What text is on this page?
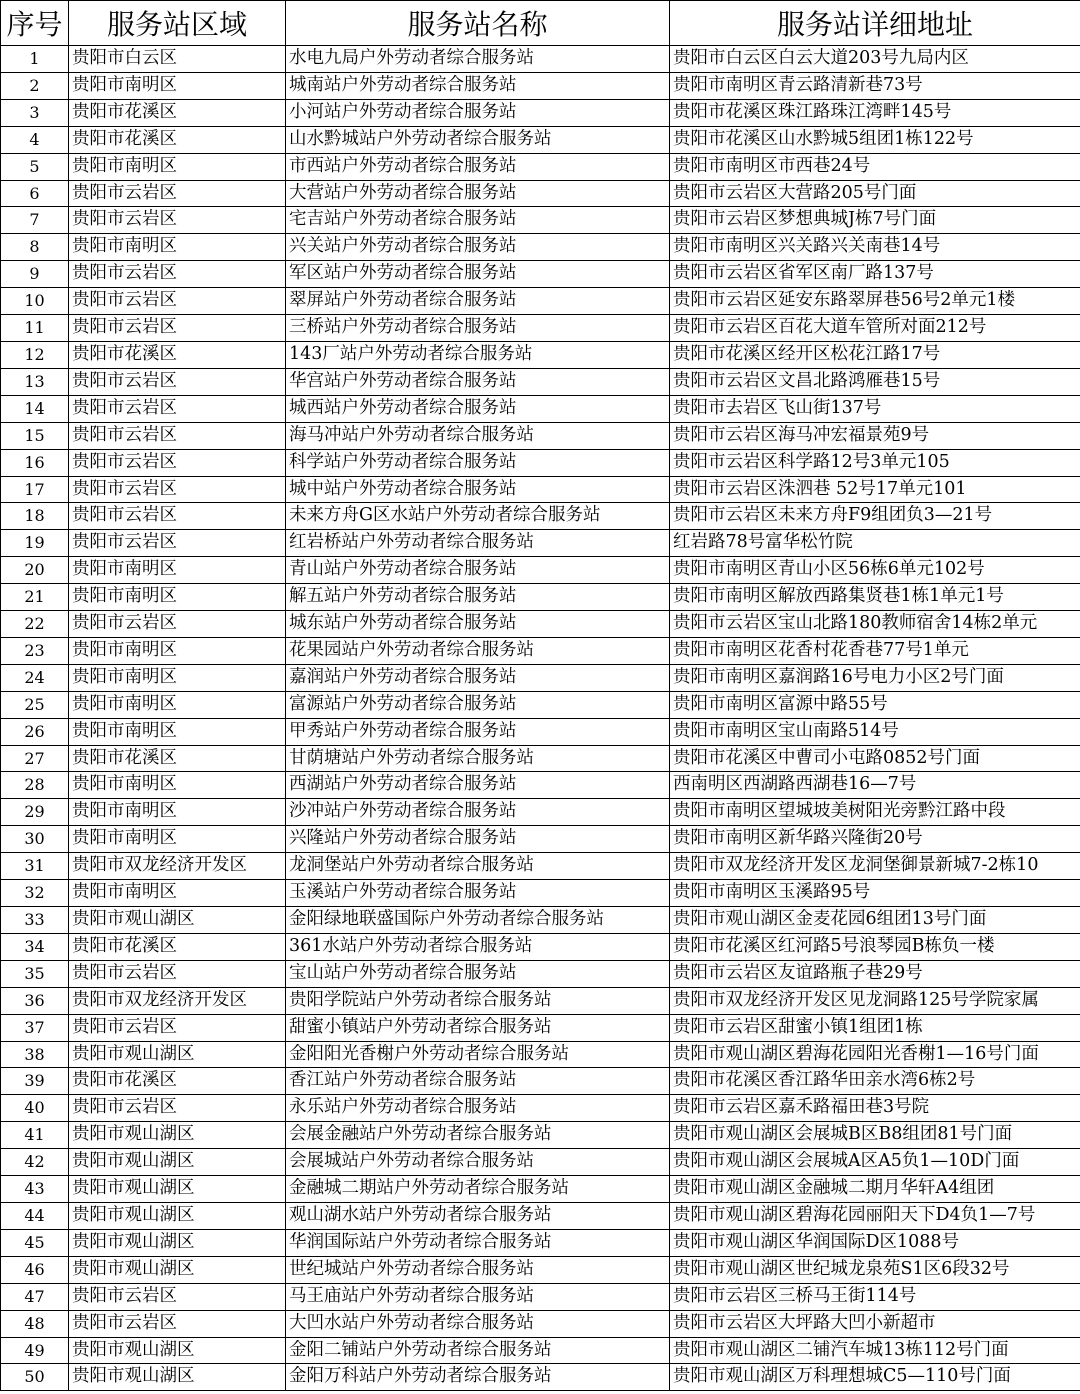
序号	服务站区域	服务站名称	服务站详细地址
1	贵阳市白云区	水电九局户外劳动者综合服务站	贵阳市白云区白云大道203号九局内区
2	贵阳市南明区	城南站户外劳动者综合服务站	贵阳市南明区青云路清新巷73号
3	贵阳市花溪区	小河站户外劳动者综合服务站	贵阳市花溪区珠江路珠江湾畔145号
4	贵阳市花溪区	山水黔城站户外劳动者综合服务站	贵阳市花溪区山水黔城5组团1栋122号
5	贵阳市南明区	市西站户外劳动者综合服务站	贵阳市南明区市西巷24号
6	贵阳市云岩区	大营站户外劳动者综合服务站	贵阳市云岩区大营路205号门面
7	贵阳市云岩区	宅吉站户外劳动者综合服务站	贵阳市云岩区梦想典城J栋7号门面
8	贵阳市南明区	兴关站户外劳动者综合服务站	贵阳市南明区兴关路兴关南巷14号
9	贵阳市云岩区	军区站户外劳动者综合服务站	贵阳市云岩区省军区南厂路137号
10	贵阳市云岩区	翠屏站户外劳动者综合服务站	贵阳市云岩区延安东路翠屏巷56号2单元1楼
11	贵阳市云岩区	三桥站户外劳动者综合服务站	贵阳市云岩区百花大道车管所对面212号
12	贵阳市花溪区	143厂站户外劳动者综合服务站	贵阳市花溪区经开区松花江路17号
13	贵阳市云岩区	华宫站户外劳动者综合服务站	贵阳市云岩区文昌北路鸿雁巷15号
14	贵阳市云岩区	城西站户外劳动者综合服务站	贵阳市去岩区飞山街137号
15	贵阳市云岩区	海马冲站户外劳动者综合服务站	贵阳市云岩区海马冲宏福景苑9号
16	贵阳市云岩区	科学站户外劳动者综合服务站	贵阳市云岩区科学路12号3单元105
17	贵阳市云岩区	城中站户外劳动者综合服务站	贵阳市云岩区洙泗巷 52号17单元101
18	贵阳市云岩区	未来方舟G区水站户外劳动者综合服务站	贵阳市云岩区未来方舟F9组团负3—21号
19	贵阳市云岩区	红岩桥站户外劳动者综合服务站	红岩路78号富华松竹院
20	贵阳市南明区	青山站户外劳动者综合服务站	贵阳市南明区青山小区56栋6单元102号
21	贵阳市南明区	解五站户外劳动者综合服务站	贵阳市南明区解放西路集贤巷1栋1单元1号
22	贵阳市云岩区	城东站户外劳动者综合服务站	贵阳市云岩区宝山北路180教师宿舍14栋2单元
23	贵阳市南明区	花果园站户外劳动者综合服务站	贵阳市南明区花香村花香巷77号1单元
24	贵阳市南明区	嘉润站户外劳动者综合服务站	贵阳市南明区嘉润路16号电力小区2号门面
25	贵阳市南明区	富源站户外劳动者综合服务站	贵阳市南明区富源中路55号
26	贵阳市南明区	甲秀站户外劳动者综合服务站	贵阳市南明区宝山南路514号
27	贵阳市花溪区	甘荫塘站户外劳动者综合服务站	贵阳市花溪区中曹司小屯路0852号门面
28	贵阳市南明区	西湖站户外劳动者综合服务站	西南明区西湖路西湖巷16—7号
29	贵阳市南明区	沙冲站户外劳动者综合服务站	贵阳市南明区望城坡美树阳光旁黔江路中段
30	贵阳市南明区	兴隆站户外劳动者综合服务站	贵阳市南明区新华路兴隆街20号
31	贵阳市双龙经济开发区	龙洞堡站户外劳动者综合服务站	贵阳市双龙经济开发区龙洞堡御景新城7-2栋10
32	贵阳市南明区	玉溪站户外劳动者综合服务站	贵阳市南明区玉溪路95号
33	贵阳市观山湖区	金阳绿地联盛国际户外劳动者综合服务站	贵阳市观山湖区金麦花园6组团13号门面
34	贵阳市花溪区	361水站户外劳动者综合服务站	贵阳市花溪区红河路5号浪琴园B栋负一楼
35	贵阳市云岩区	宝山站户外劳动者综合服务站	贵阳市云岩区友谊路瓶子巷29号
36	贵阳市双龙经济开发区	贵阳学院站户外劳动者综合服务站	贵阳市双龙经济开发区见龙洞路125号学院家属
37	贵阳市云岩区	甜蜜小镇站户外劳动者综合服务站	贵阳市云岩区甜蜜小镇1组团1栋
38	贵阳市观山湖区	金阳阳光香榭户外劳动者综合服务站	贵阳市观山湖区碧海花园阳光香榭1—16号门面
39	贵阳市花溪区	香江站户外劳动者综合服务站	贵阳市花溪区香江路华田亲水湾6栋2号
40	贵阳市云岩区	永乐站户外劳动者综合服务站	贵阳市云岩区嘉禾路福田巷3号院
41	贵阳市观山湖区	会展金融站户外劳动者综合服务站	贵阳市观山湖区会展城B区B8组团81号门面
42	贵阳市观山湖区	会展城站户外劳动者综合服务站	贵阳市观山湖区会展城A区A5负1—10D门面
43	贵阳市观山湖区	金融城二期站户外劳动者综合服务站	贵阳市观山湖区金融城二期月华轩A4组团
44	贵阳市观山湖区	观山湖水站户外劳动者综合服务站	贵阳市观山湖区碧海花园丽阳天下D4负1—7号
45	贵阳市观山湖区	华润国际站户外劳动者综合服务站	贵阳市观山湖区华润国际D区1088号
46	贵阳市观山湖区	世纪城站户外劳动者综合服务站	贵阳市观山湖区世纪城龙泉苑S1区6段32号
47	贵阳市云岩区	马王庙站户外劳动者综合服务站	贵阳市云岩区三桥马王街114号
48	贵阳市云岩区	大凹水站户外劳动者综合服务站	贵阳市云岩区大坪路大凹小新超市
49	贵阳市观山湖区	金阳二铺站户外劳动者综合服务站	贵阳市观山湖区二铺汽车城13栋112号门面
50	贵阳市观山湖区	金阳万科站户外劳动者综合服务站	贵阳市观山湖区万科理想城C5—110号门面
